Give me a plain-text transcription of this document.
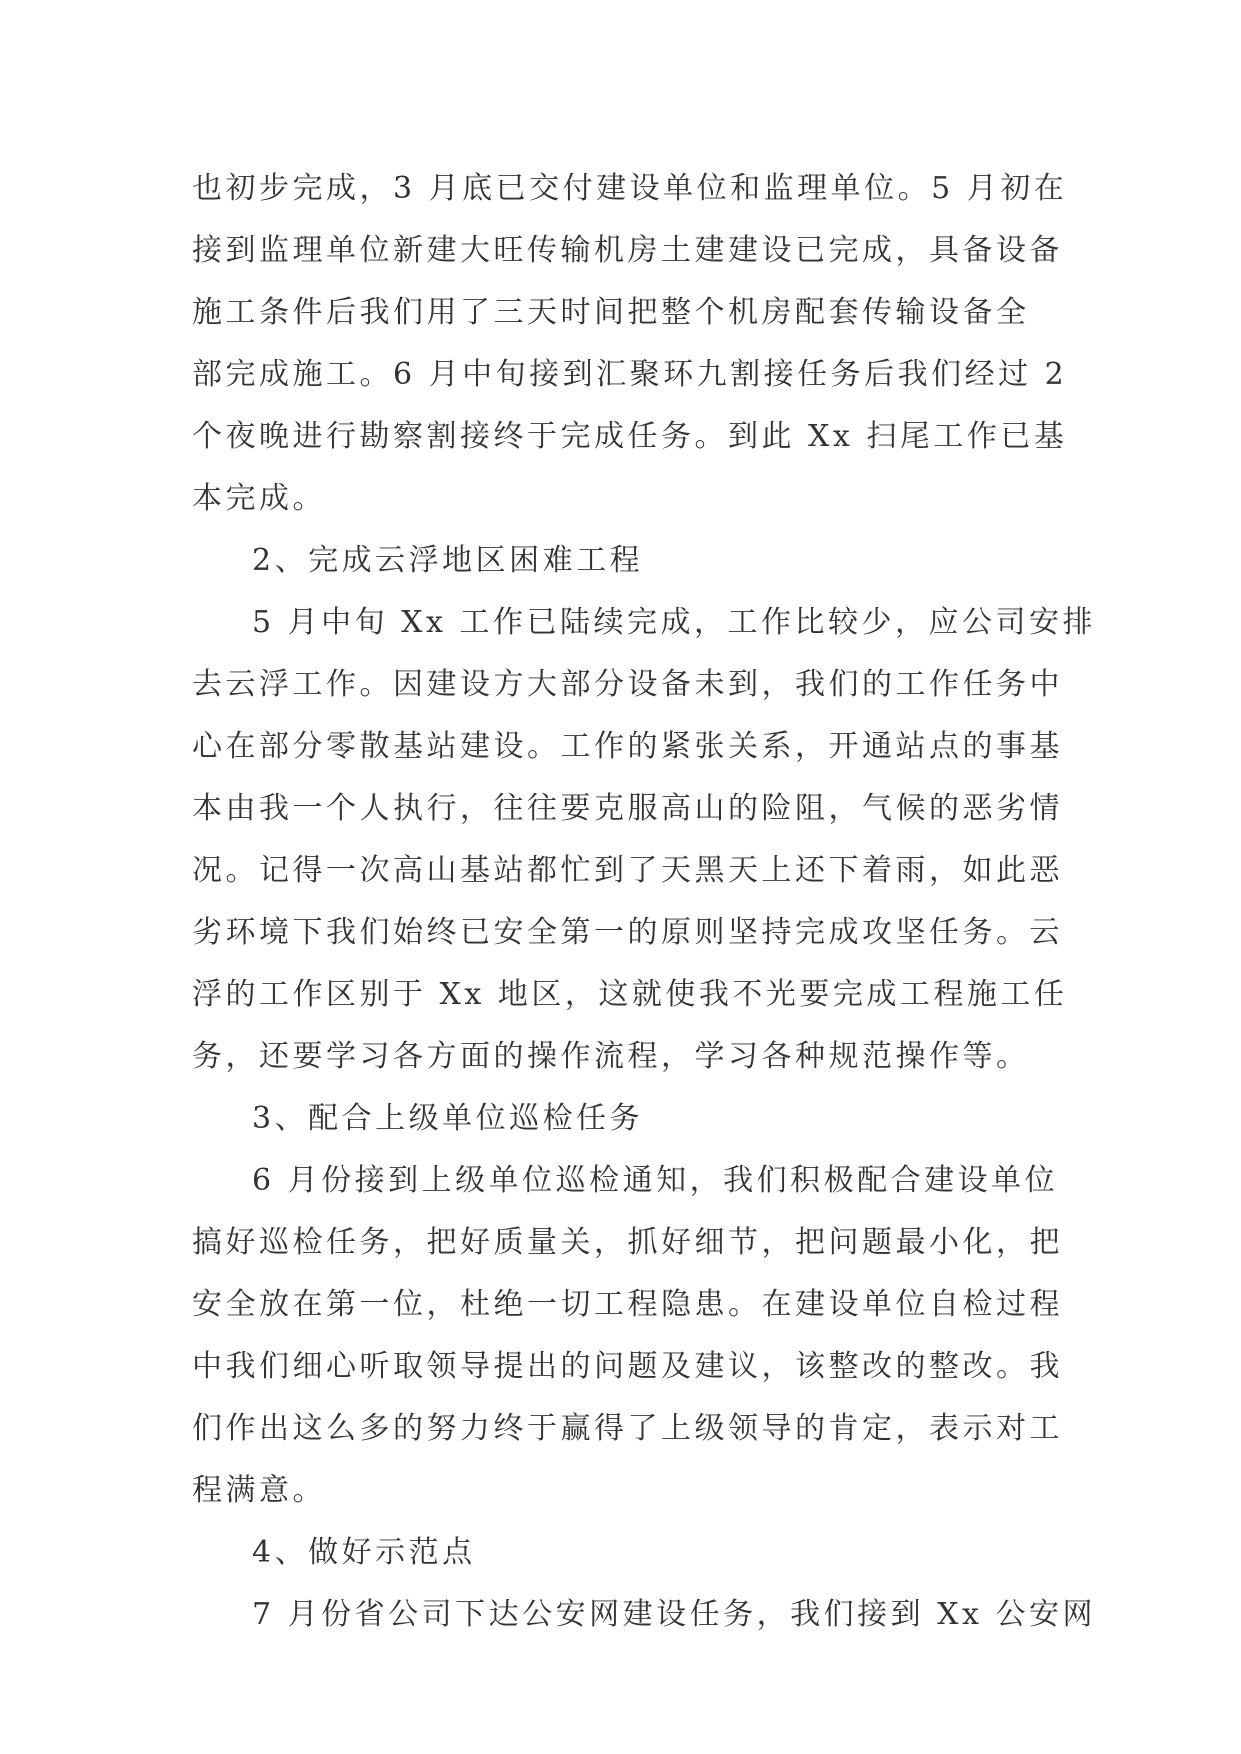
也初步完成，3 月底已交付建设单位和监理单位。5 月初在
接到监理单位新建大旺传输机房土建建设已完成，具备设备
施工条件后我们用了三天时间把整个机房配套传输设备全
部完成施工。6 月中旬接到汇聚环九割接任务后我们经过 2
个夜晚进行勘察割接终于完成任务。到此 Xx 扫尾工作已基
本完成。
2、完成云浮地区困难工程
5 月中旬 Xx 工作已陆续完成，工作比较少，应公司安排
去云浮工作。因建设方大部分设备未到，我们的工作任务中
心在部分零散基站建设。工作的紧张关系，开通站点的事基
本由我一个人执行，往往要克服高山的险阻，气候的恶劣情
况。记得一次高山基站都忙到了天黑天上还下着雨，如此恶
劣环境下我们始终已安全第一的原则坚持完成攻坚任务。云
浮的工作区别于 Xx 地区，这就使我不光要完成工程施工任
务，还要学习各方面的操作流程，学习各种规范操作等。
3、配合上级单位巡检任务
6 月份接到上级单位巡检通知，我们积极配合建设单位
搞好巡检任务，把好质量关，抓好细节，把问题最小化，把
安全放在第一位，杜绝一切工程隐患。在建设单位自检过程
中我们细心听取领导提出的问题及建议，该整改的整改。我
们作出这么多的努力终于赢得了上级领导的肯定，表示对工
程满意。
4、做好示范点
7 月份省公司下达公安网建设任务，我们接到 Xx 公安网
